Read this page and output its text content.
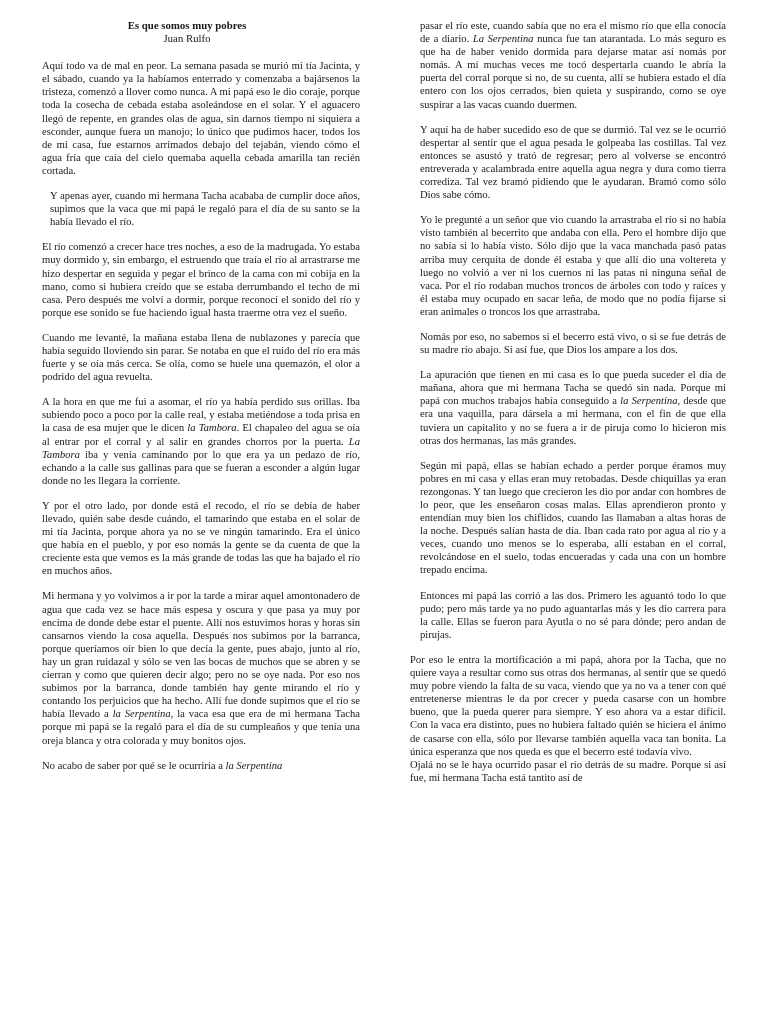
Es que somos muy pobres
Juan Rulfo

Aquí todo va de mal en peor. La semana pasada se murió mi tía Jacinta, y el sábado, cuando ya la habíamos enterrado y comenzaba a bajársenos la tristeza, comenzó a llover como nunca. A mi papá eso le dio coraje, porque toda la cosecha de cebada estaba asoleándose en el solar. Y el aguacero llegó de repente, en grandes olas de agua, sin darnos tiempo ni siquiera a esconder, aunque fuera un manojo; lo único que pudimos hacer, todos los de mi casa, fue estarnos arrimados debajo del tejabán, viendo cómo el agua fría que caía del cielo quemaba aquella cebada amarilla tan recién cortada.

Y apenas ayer, cuando mi hermana Tacha acababa de cumplir doce años, supimos que la vaca que mi papá le regaló para el día de su santo se la había llevado el río.

El río comenzó a crecer hace tres noches, a eso de la madrugada. Yo estaba muy dormido y, sin embargo, el estruendo que traía el río al arrastrarse me hizo despertar en seguida y pegar el brinco de la cama con mi cobija en la mano, como si hubiera creído que se estaba derrumbando el techo de mi casa. Pero después me volví a dormir, porque reconocí el sonido del río y porque ese sonido se fue haciendo igual hasta traerme otra vez el sueño.

Cuando me levanté, la mañana estaba llena de nublazones y parecía que había seguido lloviendo sin parar. Se notaba en que el ruido del río era más fuerte y se oía más cerca. Se olía, como se huele una quemazón, el olor a podrido del agua revuelta.

A la hora en que me fui a asomar, el río ya había perdido sus orillas. Iba subiendo poco a poco por la calle real, y estaba metiéndose a toda prisa en la casa de esa mujer que le dicen la Tambora. El chapaleo del agua se oía al entrar por el corral y al salir en grandes chorros por la puerta. La Tambora iba y venía caminando por lo que era ya un pedazo de río, echando a la calle sus gallinas para que se fueran a esconder a algún lugar donde no les llegara la corriente.

Y por el otro lado, por donde está el recodo, el río se debía de haber llevado, quién sabe desde cuándo, el tamarindo que estaba en el solar de mi tía Jacinta, porque ahora ya no se ve ningún tamarindo. Era el único que había en el pueblo, y por eso nomás la gente se da cuenta de que la creciente esta que vemos es la más grande de todas las que ha bajado el río en muchos años.

Mi hermana y yo volvimos a ir por la tarde a mirar aquel amontonadero de agua que cada vez se hace más espesa y oscura y que pasa ya muy por encima de donde debe estar el puente. Allí nos estuvimos horas y horas sin cansarnos viendo la cosa aquella. Después nos subimos por la barranca, porque queríamos oír bien lo que decía la gente, pues abajo, junto al río, hay un gran ruidazal y sólo se ven las bocas de muchos que se abren y se cierran y como que quieren decir algo; pero no se oye nada. Por eso nos subimos por la barranca, donde también hay gente mirando el río y contando los perjuicios que ha hecho. Allí fue donde supimos que el río se había llevado a la Serpentina, la vaca esa que era de mi hermana Tacha porque mi papá se la regaló para el día de su cumpleaños y que tenía una oreja blanca y otra colorada y muy bonitos ojos.

No acabo de saber por qué se le ocurriría a la Serpentina

pasar el río este, cuando sabía que no era el mismo río que ella conocía de a diario. La Serpentina nunca fue tan atarantada. Lo más seguro es que ha de haber venido dormida para dejarse matar así nomás por nomás. A mí muchas veces me tocó despertarla cuando le abría la puerta del corral porque si no, de su cuenta, allí se hubiera estado el día entero con los ojos cerrados, bien quieta y suspirando, como se oye suspirar a las vacas cuando duermen.

Y aquí ha de haber sucedido eso de que se durmió. Tal vez se le ocurrió despertar al sentir que el agua pesada le golpeaba las costillas. Tal vez entonces se asustó y trató de regresar; pero al volverse se encontró entreverada y acalambrada entre aquella agua negra y dura como tierra corrediza. Tal vez bramó pidiendo que le ayudaran. Bramó como sólo Dios sabe cómo.

Yo le pregunté a un señor que vio cuando la arrastraba el río si no había visto también al becerrito que andaba con ella. Pero el hombre dijo que no sabía si lo había visto. Sólo dijo que la vaca manchada pasó patas arriba muy cerquita de donde él estaba y que allí dio una voltereta y luego no volvió a ver ni los cuernos ni las patas ni ninguna señal de vaca. Por el río rodaban muchos troncos de árboles con todo y raíces y él estaba muy ocupado en sacar leña, de modo que no podía fijarse si eran animales o troncos los que arrastraba.

Nomás por eso, no sabemos si el becerro está vivo, o si se fue detrás de su madre río abajo. Si así fue, que Dios los ampare a los dos.

La apuración que tienen en mi casa es lo que pueda suceder el día de mañana, ahora que mi hermana Tacha se quedó sin nada. Porque mi papá con muchos trabajos había conseguido a la Serpentina, desde que era una vaquilla, para dársela a mi hermana, con el fin de que ella tuviera un capitalito y no se fuera a ir de piruja como lo hicieron mis otras dos hermanas, las más grandes.

Según mi papá, ellas se habían echado a perder porque éramos muy pobres en mi casa y ellas eran muy retobadas. Desde chiquillas ya eran rezongonas. Y tan luego que crecieron les dio por andar con hombres de lo peor, que les enseñaron cosas malas. Ellas aprendieron pronto y entendían muy bien los chiflidos, cuando las llamaban a altas horas de la noche. Después salían hasta de día. Iban cada rato por agua al río y a veces, cuando uno menos se lo esperaba, allí estaban en el corral, revolcándose en el suelo, todas encueradas y cada una con un hombre trepado encima.

Entonces mi papá las corrió a las dos. Primero les aguantó todo lo que pudo; pero más tarde ya no pudo aguantarlas más y les dio carrera para la calle. Ellas se fueron para Ayutla o no sé para dónde; pero andan de pirujas.

Por eso le entra la mortificación a mi papá, ahora por la Tacha, que no quiere vaya a resultar como sus otras dos hermanas, al sentir que se quedó muy pobre viendo la falta de su vaca, viendo que ya no va a tener con qué entretenerse mientras le da por crecer y pueda casarse con un hombre bueno, que la pueda querer para siempre. Y eso ahora va a estar difícil. Con la vaca era distinto, pues no hubiera faltado quién se hiciera el ánimo de casarse con ella, sólo por llevarse también aquella vaca tan bonita. La única esperanza que nos queda es que el becerro esté todavía vivo.

Ojalá no se le haya ocurrido pasar el río detrás de su madre. Porque si así fue, mi hermana Tacha está tantito así de
